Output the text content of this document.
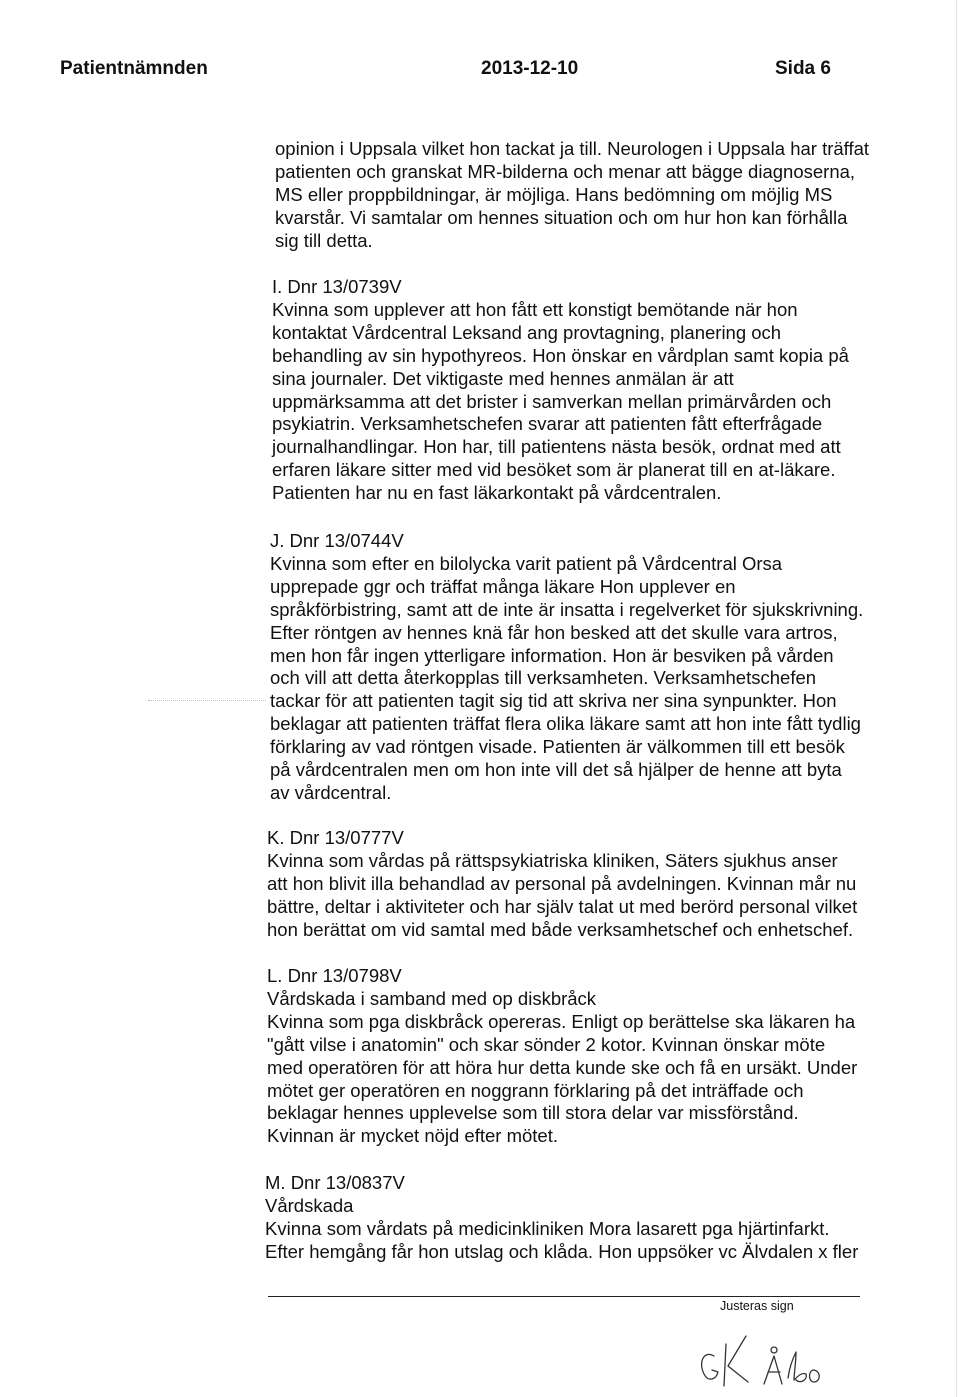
Patientnämnden	2013-12-10	Sida 6
opinion i Uppsala vilket hon tackat ja till. Neurologen i Uppsala har träffat
patienten och granskat MR-bilderna och menar att bägge diagnoserna,
MS eller proppbildningar, är möjliga. Hans bedömning om möjlig MS
kvarstår. Vi samtalar om hennes situation och om hur hon kan förhålla
sig till detta.
I. Dnr 13/0739V
Kvinna som upplever att hon fått ett konstigt bemötande när hon
kontaktat Vårdcentral Leksand ang provtagning, planering och
behandling av sin hypothyreos. Hon önskar en vårdplan samt kopia på
sina journaler. Det viktigaste med hennes anmälan är att
uppmärksamma att det brister i samverkan mellan primärvården och
psykiatrin. Verksamhetschefen svarar att patienten fått efterfrågade
journalhandlingar. Hon har, till patientens nästa besök, ordnat med att
erfaren läkare sitter med vid besöket som är planerat till en at-läkare.
Patienten har nu en fast läkarkontakt på vårdcentralen.
J. Dnr 13/0744V
Kvinna som efter en bilolycka varit patient på Vårdcentral Orsa
upprepade ggr och träffat många läkare Hon upplever en
språkförbistring, samt att de inte är insatta i regelverket för sjukskrivning.
Efter röntgen av hennes knä får hon besked att det skulle vara artros,
men hon får ingen ytterligare information. Hon är besviken på vården
och vill att detta återkopplas till verksamheten. Verksamhetschefen
tackar för att patienten tagit sig tid att skriva ner sina synpunkter. Hon
beklagar att patienten träffat flera olika läkare samt att hon inte fått tydlig
förklaring av vad röntgen visade. Patienten är välkommen till ett besök
på vårdcentralen men om hon inte vill det så hjälper de henne att byta
av vårdcentral.
K. Dnr 13/0777V
Kvinna som vårdas på rättspsykiatriska kliniken, Säters sjukhus anser
att hon blivit illa behandlad av personal på avdelningen. Kvinnan mår nu
bättre, deltar i aktiviteter och har själv talat ut med berörd personal vilket
hon berättat om vid samtal med både verksamhetschef och enhetschef.
L. Dnr 13/0798V
Vårdskada i samband med op diskbråck
Kvinna som pga diskbråck opereras. Enligt op berättelse ska läkaren ha
"gått vilse i anatomin" och skar sönder 2 kotor. Kvinnan önskar möte
med operatören för att höra hur detta kunde ske och få en ursäkt. Under
mötet ger operatören en noggrann förklaring på det inträffade och
beklagar hennes upplevelse som till stora delar var missförstånd.
Kvinnan är mycket nöjd efter mötet.
M. Dnr 13/0837V
Vårdskada
Kvinna som vårdats på medicinkliniken Mora lasarett pga hjärtinfarkt.
Efter hemgång får hon utslag och klåda. Hon uppsöker vc Älvdalen x fler
Justeras sign
